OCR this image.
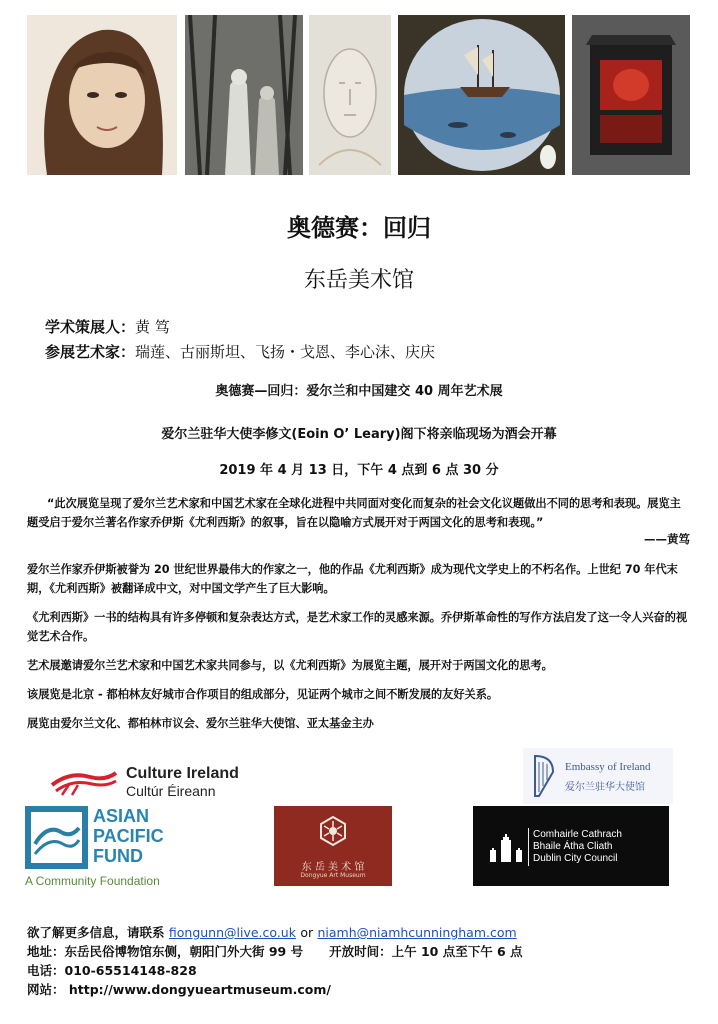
奥德赛：回归
东岳美术馆
学术策展人：黄 笃
参展艺术家：瑞莲、古丽斯坦、飞扬・戈恩、李心沫、庆庆
奥德赛—回归：爱尔兰和中国建交 40 周年艺术展
爱尔兰驻华大使李修文(Eoin O’ Leary)阁下将亲临现场为酒会开幕
2019 年 4 月 13 日，下午 4 点到 6 点 30 分
“此次展览呈现了爱尔兰艺术家和中国艺术家在全球化进程中共同面对变化而复杂的社会文化议题做出不同的思考和表现。展览主题受启于爱尔兰著名作家乔伊斯《尤利西斯》的叙事，旨在以隐喻方式展开对于两国文化的思考和表现。”
——黄笃
爱尔兰作家乔伊斯被誉为 20 世纪世界最伟大的作家之一，他的作品《尤利西斯》成为现代文学史上的不朽名作。上世纪 70 年代末期，《尤利西斯》被翻译成中文，对中国文学产生了巨大影响。
《尤利西斯》一书的结构具有许多停顿和复杂表达方式，是艺术家工作的灵感来源。乔伊斯革命性的写作方法启发了这一令人兴奋的视觉艺术合作。
艺术展邀请爱尔兰艺术家和中国艺术家共同参与，以《尤利西斯》为展览主题，展开对于两国文化的思考。
该展览是北京 - 都柏林友好城市合作项目的组成部分，见证两个城市之间不断发展的友好关系。
展览由爱尔兰文化、都柏林市议会、爱尔兰驻华大使馆、亚太基金主办
Culture Ireland
Cultúr Éireann
Embassy of Ireland
爱尔兰驻华大使馆
ASIAN
PACIFIC
FUND
A Community Foundation
东 岳 美 术 馆
Dongyue Art Museum
Comhairle Cathrach
Bhaile Átha Cliath
Dublin City Council
欲了解更多信息，请联系 fiongunn@live.co.uk or niamh@niamhcunningham.com
地址：东岳民俗博物馆东侧，朝阳门外大街 99 号 开放时间：上午 10 点至下午 6 点
电话：010-65514148-828
网站： http://www.dongyueartmuseum.com/
